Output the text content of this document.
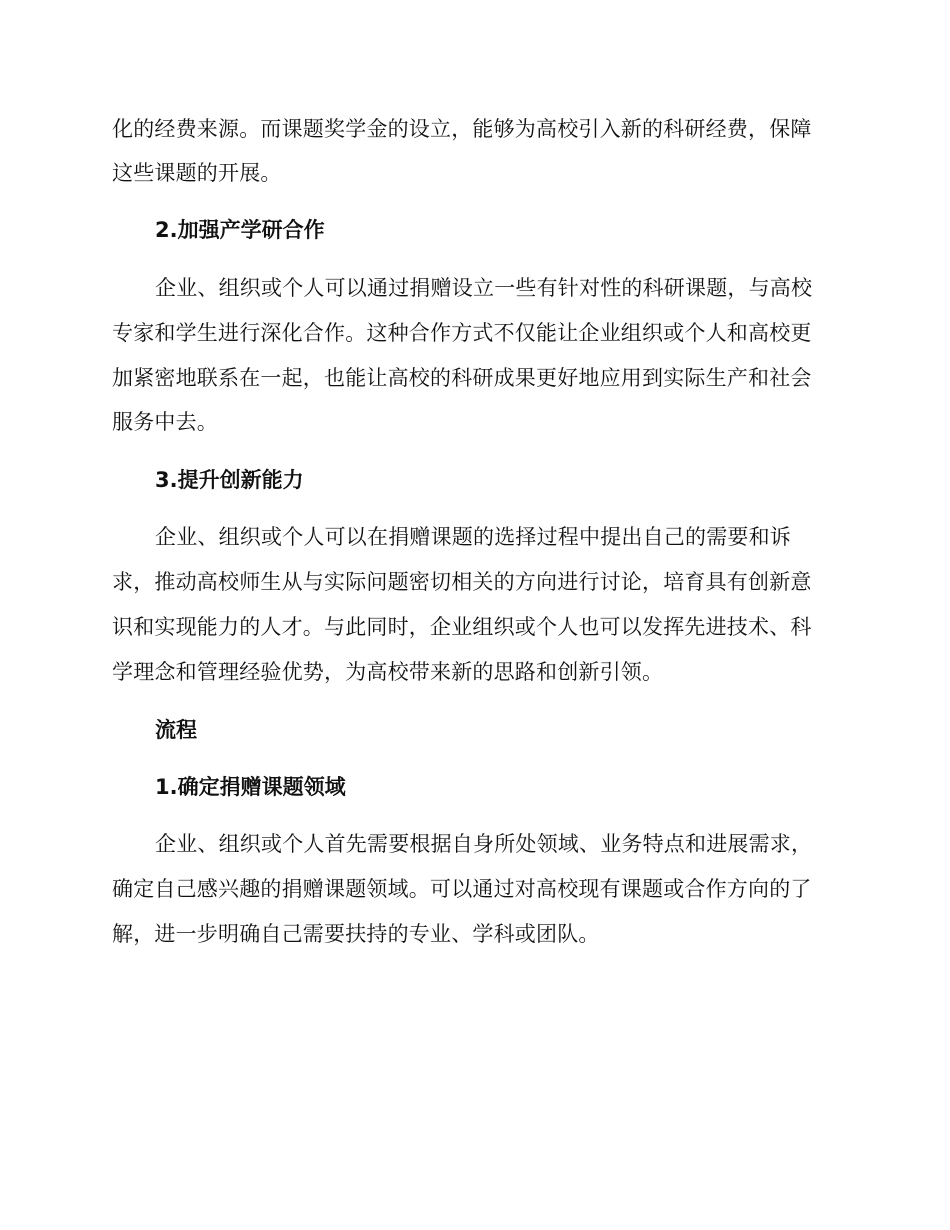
化的经费来源。而课题奖学金的设立，能够为高校引入新的科研经费，保障
这些课题的开展。
2.加强产学研合作
企业、组织或个人可以通过捐赠设立一些有针对性的科研课题，与高校
专家和学生进行深化合作。这种合作方式不仅能让企业组织或个人和高校更
加紧密地联系在一起，也能让高校的科研成果更好地应用到实际生产和社会
服务中去。
3.提升创新能力
企业、组织或个人可以在捐赠课题的选择过程中提出自己的需要和诉
求，推动高校师生从与实际问题密切相关的方向进行讨论，培育具有创新意
识和实现能力的人才。与此同时，企业组织或个人也可以发挥先进技术、科
学理念和管理经验优势，为高校带来新的思路和创新引领。
流程
1.确定捐赠课题领域
企业、组织或个人首先需要根据自身所处领域、业务特点和进展需求，
确定自己感兴趣的捐赠课题领域。可以通过对高校现有课题或合作方向的了
解，进一步明确自己需要扶持的专业、学科或团队。
